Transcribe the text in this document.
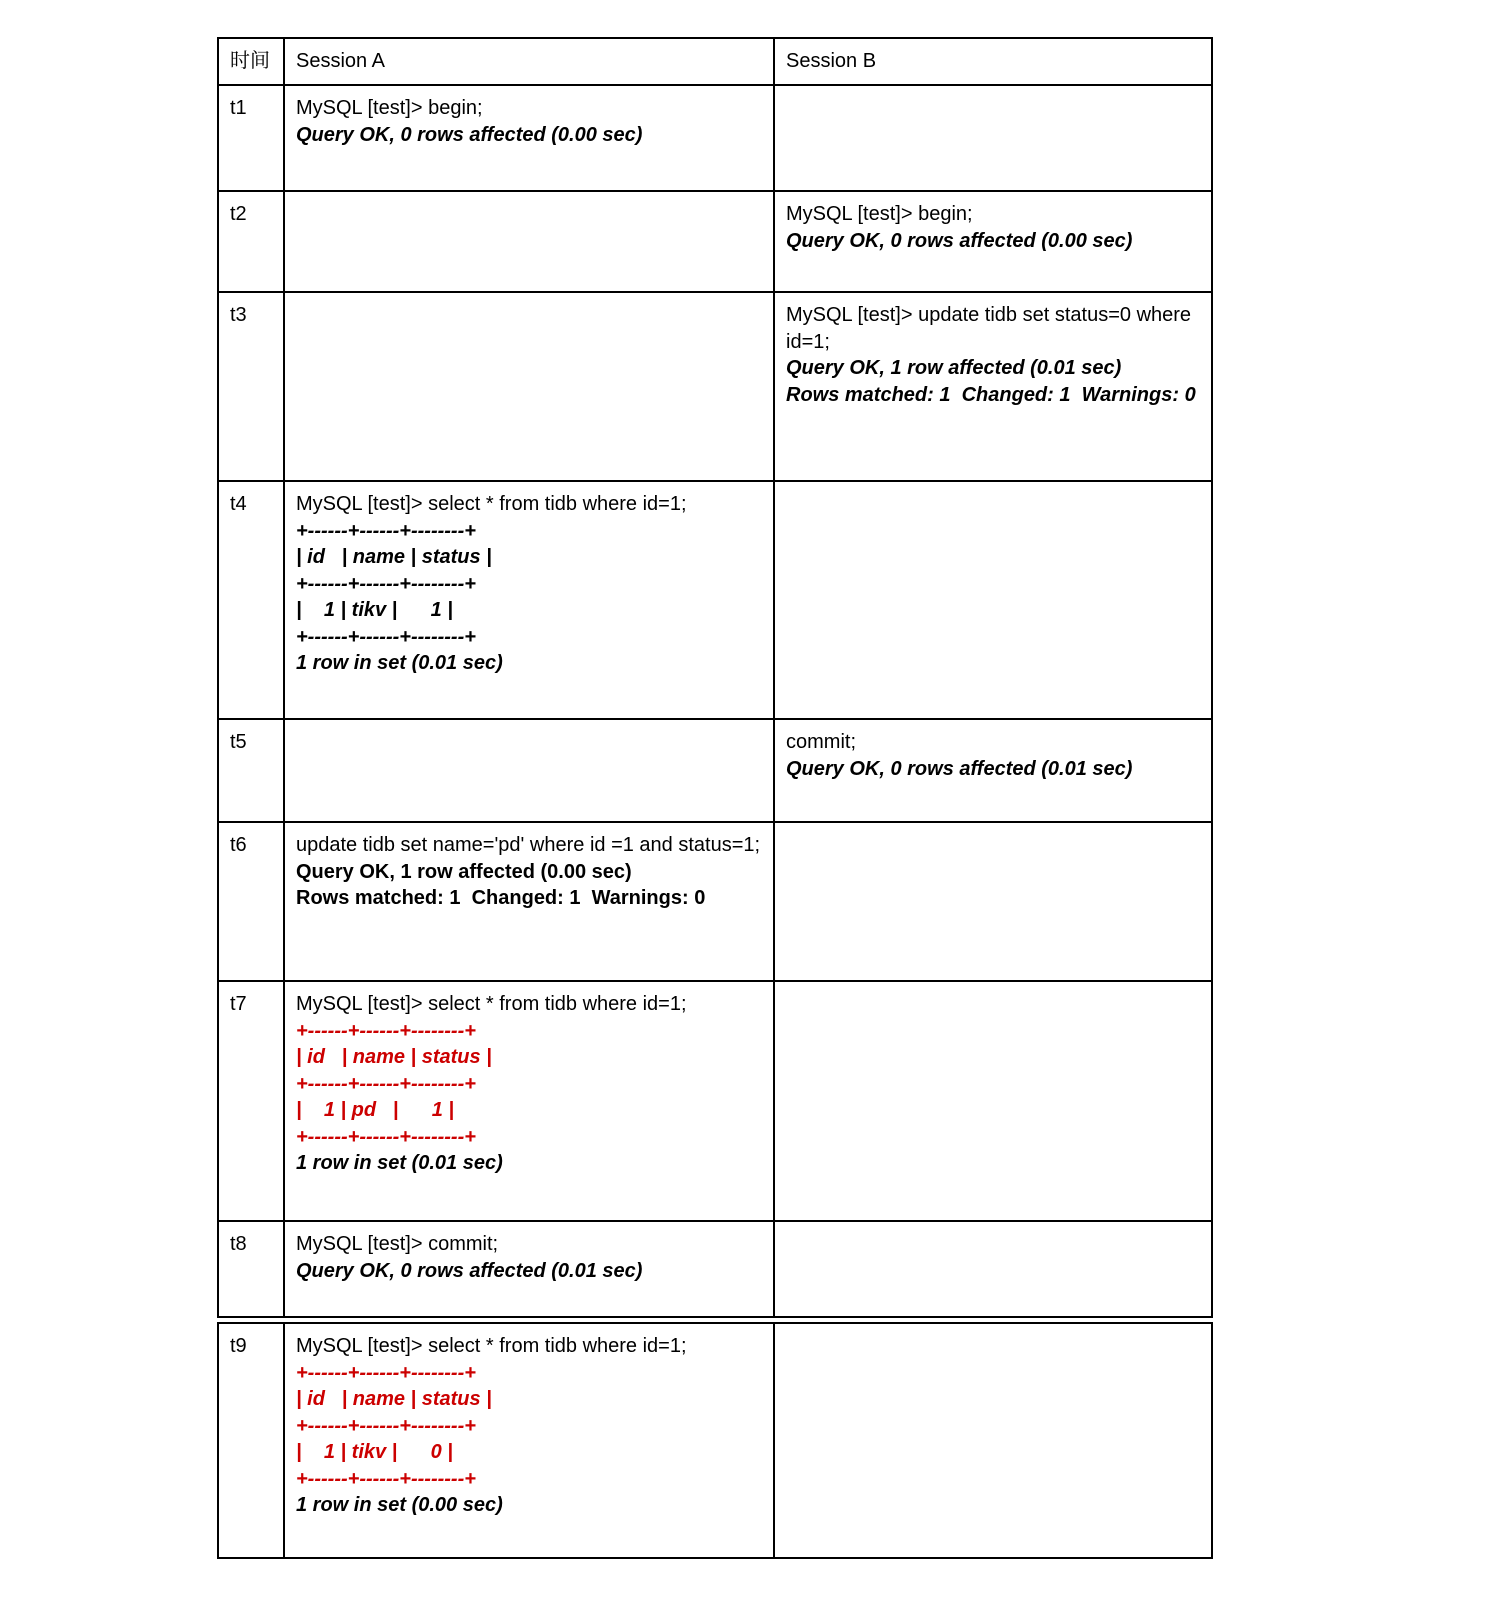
时间	Session A	Session B
t1	MySQL [test]> begin;
Query OK, 0 rows affected (0.00 sec)	

t2		MySQL [test]> begin;
Query OK, 0 rows affected (0.00 sec)

t3		MySQL [test]> update tidb set status=0 where id=1;
Query OK, 1 row affected (0.01 sec)
Rows matched: 1  Changed: 1  Warnings: 0

t4	MySQL [test]> select * from tidb where id=1;
+------+------+--------+
| id   | name | status |
+------+------+--------+
|    1 | tikv |      1 |
+------+------+--------+
1 row in set (0.01 sec)

t5		commit;
Query OK, 0 rows affected (0.01 sec)

t6	update tidb set name='pd' where id =1 and status=1;
Query OK, 1 row affected (0.00 sec)
Rows matched: 1  Changed: 1  Warnings: 0	

t7	MySQL [test]> select * from tidb where id=1;
+------+------+--------+
| id   | name | status |
+------+------+--------+
|    1 | pd   |      1 |
+------+------+--------+
1 row in set (0.01 sec)

t8	MySQL [test]> commit;
Query OK, 0 rows affected (0.01 sec)	

t9	MySQL [test]> select * from tidb where id=1;
+------+------+--------+
| id   | name | status |
+------+------+--------+
|    1 | tikv |      0 |
+------+------+--------+
1 row in set (0.00 sec)
